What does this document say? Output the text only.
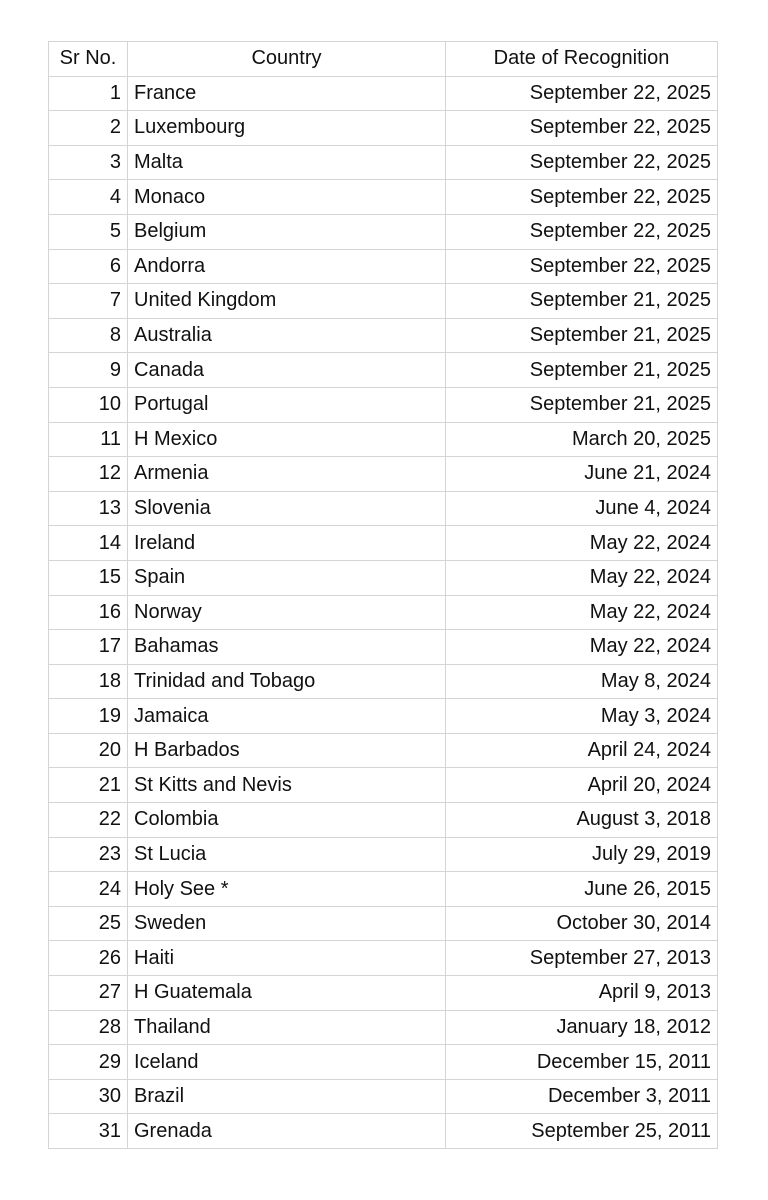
Sr No.	Country	Date of Recognition
1	France	September 22, 2025
2	Luxembourg	September 22, 2025
3	Malta	September 22, 2025
4	Monaco	September 22, 2025
5	Belgium	September 22, 2025
6	Andorra	September 22, 2025
7	United Kingdom	September 21, 2025
8	Australia	September 21, 2025
9	Canada	September 21, 2025
10	Portugal	September 21, 2025
11	H Mexico	March 20, 2025
12	Armenia	June 21, 2024
13	Slovenia	June 4, 2024
14	Ireland	May 22, 2024
15	Spain	May 22, 2024
16	Norway	May 22, 2024
17	Bahamas	May 22, 2024
18	Trinidad and Tobago	May 8, 2024
19	Jamaica	May 3, 2024
20	H Barbados	April 24, 2024
21	St Kitts and Nevis	April 20, 2024
22	Colombia	August 3, 2018
23	St Lucia	July 29, 2019
24	Holy See *	June 26, 2015
25	Sweden	October 30, 2014
26	Haiti	September 27, 2013
27	H Guatemala	April 9, 2013
28	Thailand	January 18, 2012
29	Iceland	December 15, 2011
30	Brazil	December 3, 2011
31	Grenada	September 25, 2011
